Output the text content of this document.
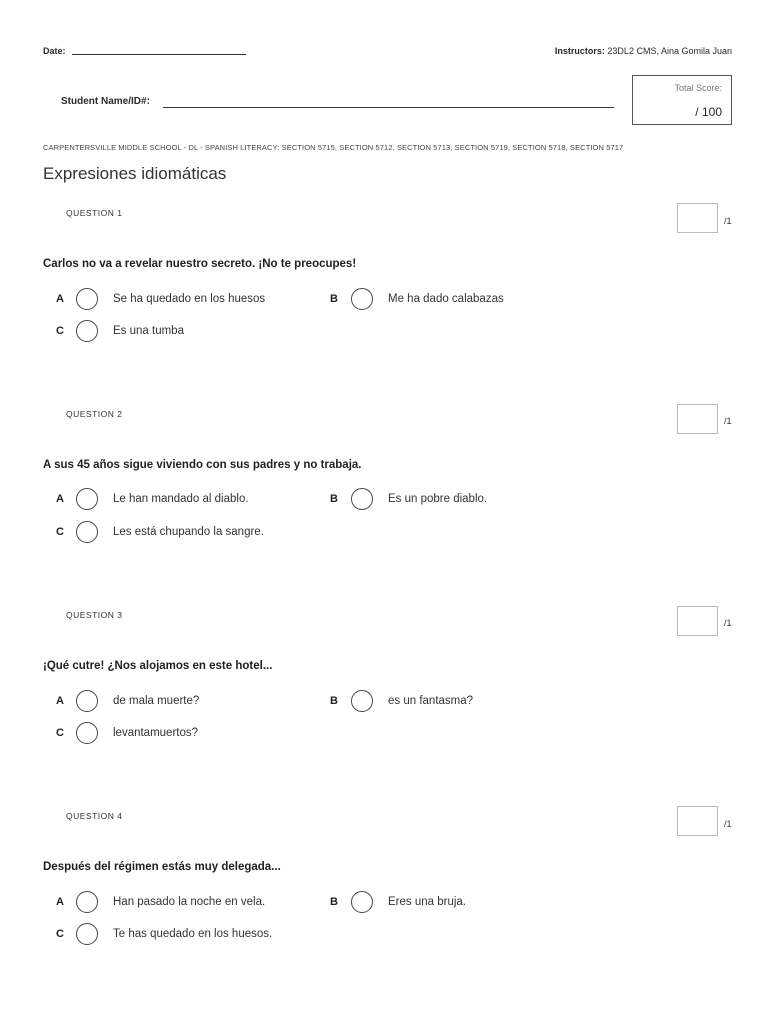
Date:	Instructors: 23DL2 CMS, Aina Gomila Juan
Student Name/ID#:
Total Score:
/ 100
CARPENTERSVILLE MIDDLE SCHOOL - DL - SPANISH LITERACY: SECTION 5715, SECTION 5712, SECTION 5713, SECTION 5719, SECTION 5718, SECTION 5717
Expresiones idiomáticas
QUESTION 1
/1
Carlos no va a revelar nuestro secreto. ¡No te preocupes!
A	Se ha quedado en los huesos	B	Me ha dado calabazas
C	Es una tumba
QUESTION 2
/1
A sus 45 años sigue viviendo con sus padres y no trabaja.
A	Le han mandado al diablo.	B	Es un pobre diablo.
C	Les está chupando la sangre.
QUESTION 3
/1
¡Qué cutre! ¿Nos alojamos en este hotel...
A	de mala muerte?	B	es un fantasma?
C	levantamuertos?
QUESTION 4
/1
Después del régimen estás muy delegada...
A	Han pasado la noche en vela.	B	Eres una bruja.
C	Te has quedado en los huesos.
